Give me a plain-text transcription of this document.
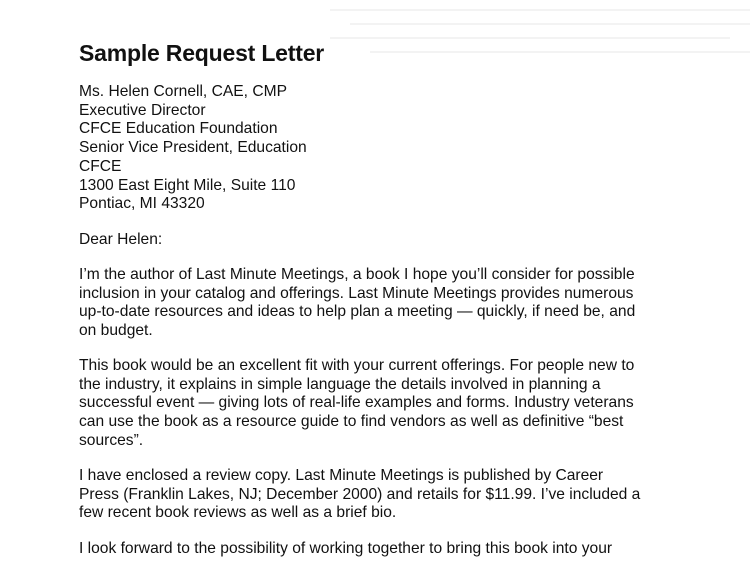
Sample Request Letter
Ms. Helen Cornell, CAE, CMP
Executive Director
CFCE Education Foundation
Senior Vice President, Education
CFCE
1300 East Eight Mile, Suite 110
Pontiac, MI 43320
Dear Helen:
I’m the author of Last Minute Meetings, a book I hope you’ll consider for possible
inclusion in your catalog and offerings. Last Minute Meetings provides numerous
up-to-date resources and ideas to help plan a meeting — quickly, if need be, and
on budget.
This book would be an excellent fit with your current offerings. For people new to
the industry, it explains in simple language the details involved in planning a
successful event — giving lots of real-life examples and forms. Industry veterans
can use the book as a resource guide to find vendors as well as definitive “best
sources”.
I have enclosed a review copy. Last Minute Meetings is published by Career
Press (Franklin Lakes, NJ; December 2000) and retails for $11.99. I’ve included a
few recent book reviews as well as a brief bio.
I look forward to the possibility of working together to bring this book into your
